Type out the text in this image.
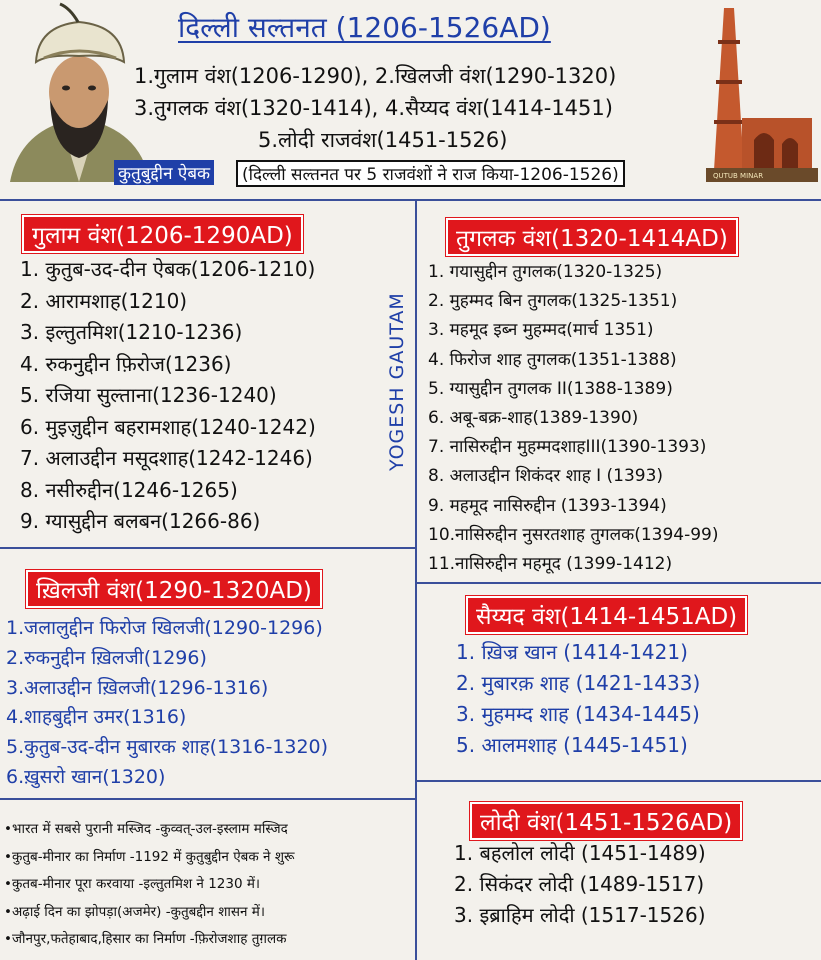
QUTUB MINAR
दिल्ली सल्तनत (1206-1526AD)
1.गुलाम वंश(1206-1290), 2.खिलजी वंश(1290-1320)
3.तुगलक वंश(1320-1414), 4.सैय्यद वंश(1414-1451)
5.लोदी राजवंश(1451-1526)
कुतुबुद्दीन ऐबक	(दिल्ली सल्तनत पर 5 राजवंशों ने राज किया-1206-1526)
YOGESH GAUTAM
गुलाम वंश(1206-1290AD)
1. कुतुब-उद-दीन ऐबक(1206-1210)
2. आरामशाह(1210)
3. इल्तुतमिश(1210-1236)
4. रुकनुद्दीन फ़िरोज(1236)
5. रजिया सुल्ताना(1236-1240)
6. मुइज़ुद्दीन बहरामशाह(1240-1242)
7. अलाउद्दीन मसूदशाह(1242-1246)
8. नसीरुद्दीन(1246-1265)
9. ग्यासुद्दीन बलबन(1266-86)
तुगलक वंश(1320-1414AD)
1. गयासुद्दीन तुगलक(1320-1325)
2. मुहम्मद बिन तुगलक(1325-1351)
3. महमूद इब्न मुहम्मद(मार्च 1351)
4. फिरोज शाह तुगलक(1351-1388)
5. ग्यासुद्दीन तुगलक II(1388-1389)
6. अबू-बक्र-शाह(1389-1390)
7. नासिरुद्दीन मुहम्मदशाहIII(1390-1393)
8. अलाउद्दीन शिकंदर शाह I (1393)
9. महमूद नासिरुद्दीन (1393-1394)
10.नासिरुद्दीन नुसरतशाह तुगलक(1394-99)
11.नासिरुद्दीन महमूद (1399-1412)
ख़िलजी वंश(1290-1320AD)
1.जलालुद्दीन फिरोज खिलजी(1290-1296)
2.रुकनुद्दीन ख़िलजी(1296)
3.अलाउद्दीन ख़िलजी(1296-1316)
4.शाहबुद्दीन उमर(1316)
5.कुतुब-उद-दीन मुबारक शाह(1316-1320)
6.ख़ुसरो खान(1320)
सैय्यद वंश(1414-1451AD)
1. ख़िज्र खान (1414-1421)
2. मुबारक़ शाह (1421-1433)
3. मुहमम्द शाह (1434-1445)
5. आलमशाह (1445-1451)
•भारत में सबसे पुरानी मस्जिद -कुव्वत्-उल-इस्लाम मस्जिद
•कुतुब-मीनार का निर्माण -1192 में कुतुबुद्दीन ऐबक ने शुरू
•कुतब-मीनार पूरा करवाया -इल्तुतमिश ने 1230 में।
•अढ़ाई दिन का झोपड़ा(अजमेर) -कुतुबद्दीन शासन में।
•जौनपुर,फतेहाबाद,हिसार का निर्माण -फ़िरोजशाह तुग़लक
लोदी वंश(1451-1526AD)
1. बहलोल लोदी (1451-1489)
2. सिकंदर लोदी (1489-1517)
3. इब्राहिम लोदी (1517-1526)
